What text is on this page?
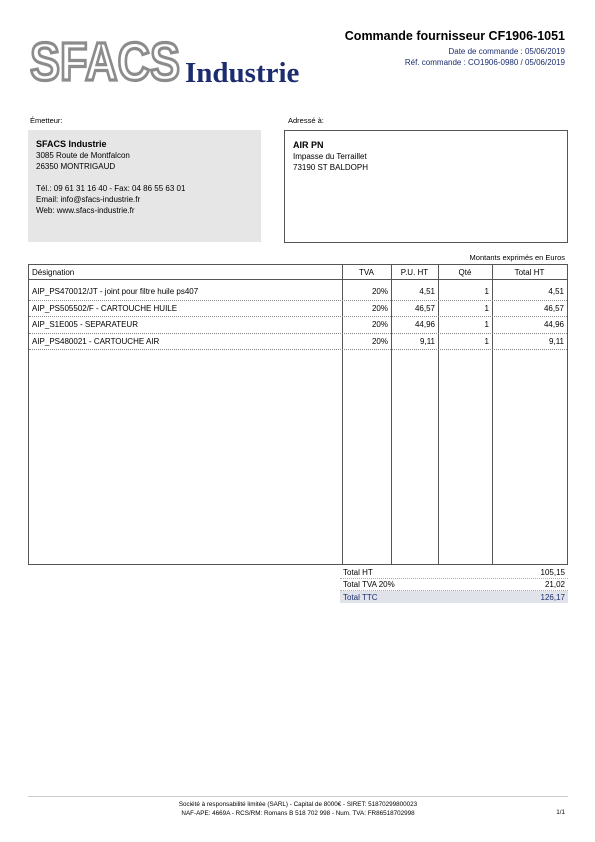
SFACS Industrie
Commande fournisseur CF1906-1051
Date de commande : 05/06/2019
Réf. commande : CO1906-0980 / 05/06/2019
Émetteur:	Adressé à:
SFACS Industrie
3085 Route de Montfalcon
26350 MONTRIGAUD
Tél.: 09 61 31 16 40 - Fax: 04 86 55 63 01
Email: info@sfacs-industrie.fr
Web: www.sfacs-industrie.fr
AIR PN
Impasse du Terraillet
73190 ST BALDOPH
Montants exprimés en Euros
Désignation	TVA	P.U. HT	Qté	Total HT
AIP_PS470012/JT - joint pour filtre huile ps407	20%	4,51	1	4,51
AIP_PS505502/F - CARTOUCHE HUILE	20%	46,57	1	46,57
AIP_S1E005 - SEPARATEUR	20%	44,96	1	44,96
AIP_PS480021 - CARTOUCHE AIR	20%	9,11	1	9,11
Total HT	105,15
Total TVA 20%	21,02
Total TTC	126,17
Société à responsabilité limitée (SARL) - Capital de 8000€ - SIRET: 51870299800023
NAF-APE: 4669A - RCS/RM: Romans B 518 702 998 - Num. TVA: FR86518702998	1/1
